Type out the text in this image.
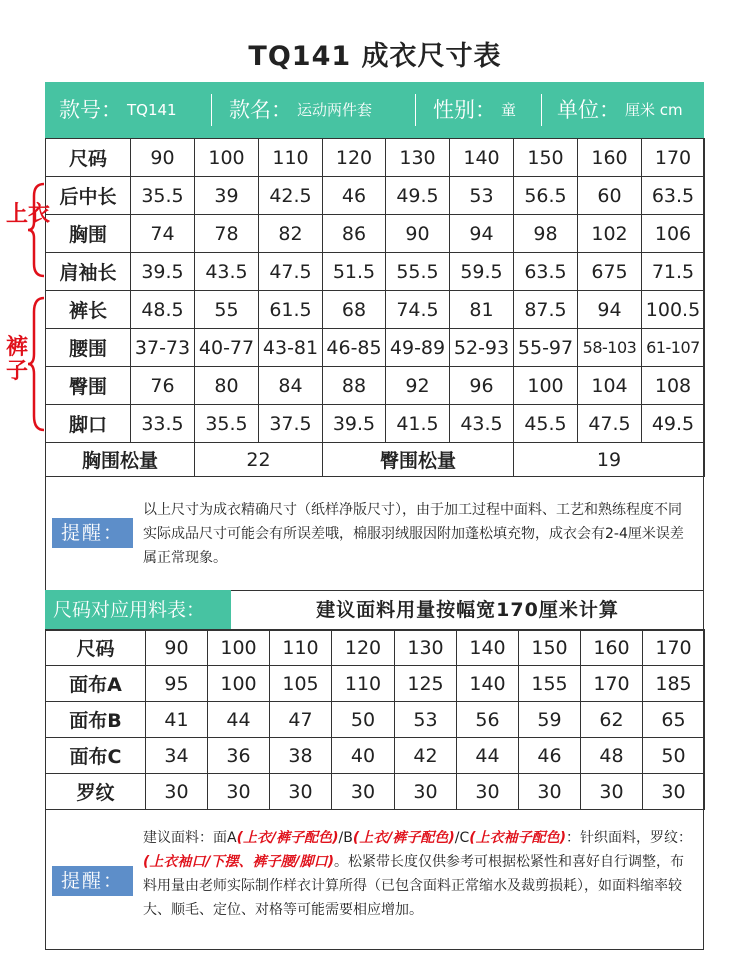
TQ141 成衣尺寸表
款号： TQ141 款名： 运动两件套	性别： 童 单位： 厘米 cm
尺码	90	100	110	120	130	140	150	160	170
后中长	35.5	39	42.5	46	49.5	53	56.5	60	63.5
胸围	74	78	82	86	90	94	98	102	106
肩袖长	39.5	43.5	47.5	51.5	55.5	59.5	63.5	675	71.5
裤长	48.5	55	61.5	68	74.5	81	87.5	94	100.5
腰围	37-73	40-77	43-81	46-85	49-89	52-93	55-97	58-103	61-107
臀围	76	80	84	88	92	96	100	104	108
脚口	33.5	35.5	37.5	39.5	41.5	43.5	45.5	47.5	49.5
胸围松量		22		臀围松量			19		
上衣
裤子
提醒：
以上尺寸为成衣精确尺寸（纸样净版尺寸），由于加工过程中面料、工艺和熟练程度不同实际成品尺寸可能会有所误差哦，棉服羽绒服因附加蓬松填充物，成衣会有2-4厘米误差属正常现象。
尺码对应用料表：	建议面料用量按幅宽170厘米计算
尺码	90	100	110	120	130	140	150	160	170
面布A	95	100	105	110	125	140	155	170	185
面布B	41	44	47	50	53	56	59	62	65
面布C	34	36	38	40	42	44	46	48	50
罗纹	30	30	30	30	30	30	30	30	30
提醒：
建议面料：面A(上衣/裤子配色)/B(上衣/裤子配色)/C(上衣袖子配色)：针织面料，罗纹：(上衣袖口/下摆、裤子腰/脚口)。松紧带长度仅供参考可根据松紧性和喜好自行调整，布料用量由老师实际制作样衣计算所得（已包含面料正常缩水及裁剪损耗），如面料缩率较大、顺毛、定位、对格等可能需要相应增加。
